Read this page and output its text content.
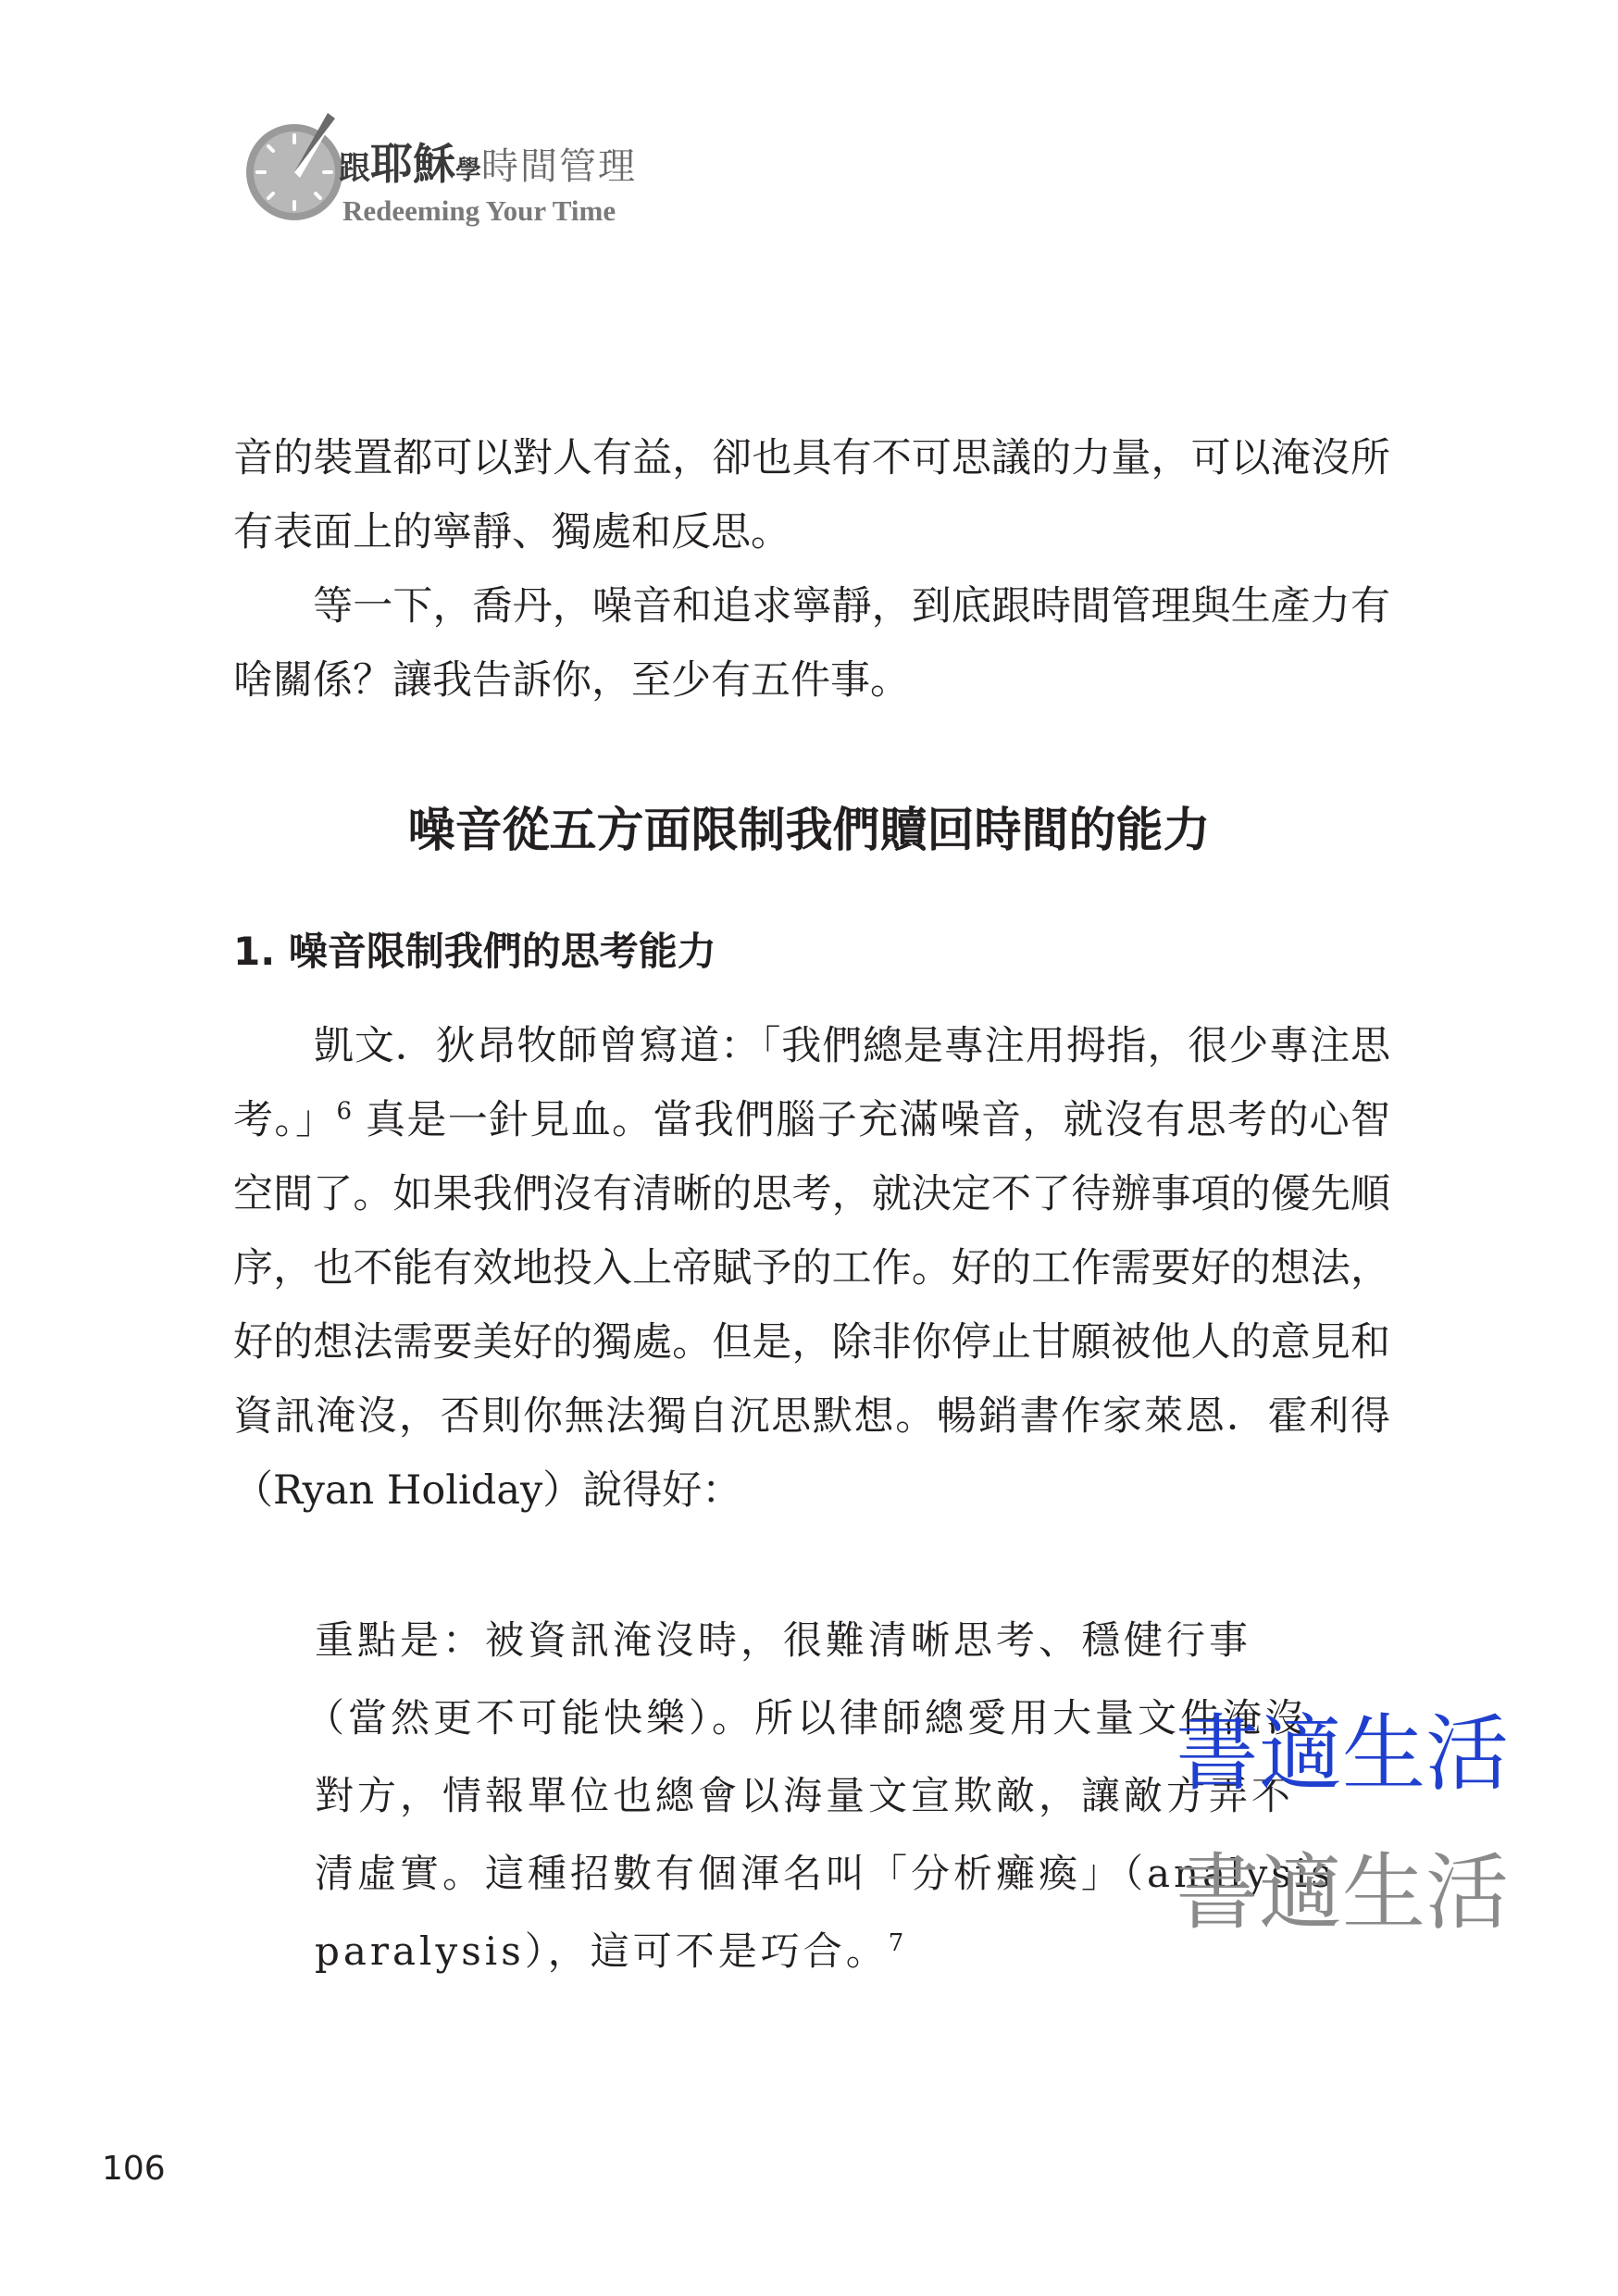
跟耶穌學時間管理
Redeeming Your Time

音的裝置都可以對人有益，卻也具有不可思議的力量，可以淹沒所有表面上的寧靜、獨處和反思。

等一下，喬丹，噪音和追求寧靜，到底跟時間管理與生產力有啥關係？讓我告訴你，至少有五件事。

噪音從五方面限制我們贖回時間的能力
1. 噪音限制我們的思考能力

凱文．狄昂牧師曾寫道：「我們總是專注用拇指，很少專注思考。」$^6$ 真是一針見血。當我們腦子充滿噪音，就沒有思考的心智空間了。如果我們沒有清晰的思考，就決定不了待辦事項的優先順序，也不能有效地投入上帝賦予的工作。好的工作需要好的想法，好的想法需要美好的獨處。但是，除非你停止甘願被他人的意見和資訊淹沒，否則你無法獨自沉思默想。暢銷書作家萊恩．霍利得（Ryan Holiday）說得好：

重點是：被資訊淹沒時，很難清晰思考、穩健行事
（當然更不可能快樂）。所以律師總愛用大量文件淹沒
對方，情報單位也總會以海量文宣欺敵，讓敵方弄不
清虛實。這種招數有個渾名叫「分析癱瘓」（analysis
paralysis），這可不是巧合。$^7$
書適生活
書適生活
106
